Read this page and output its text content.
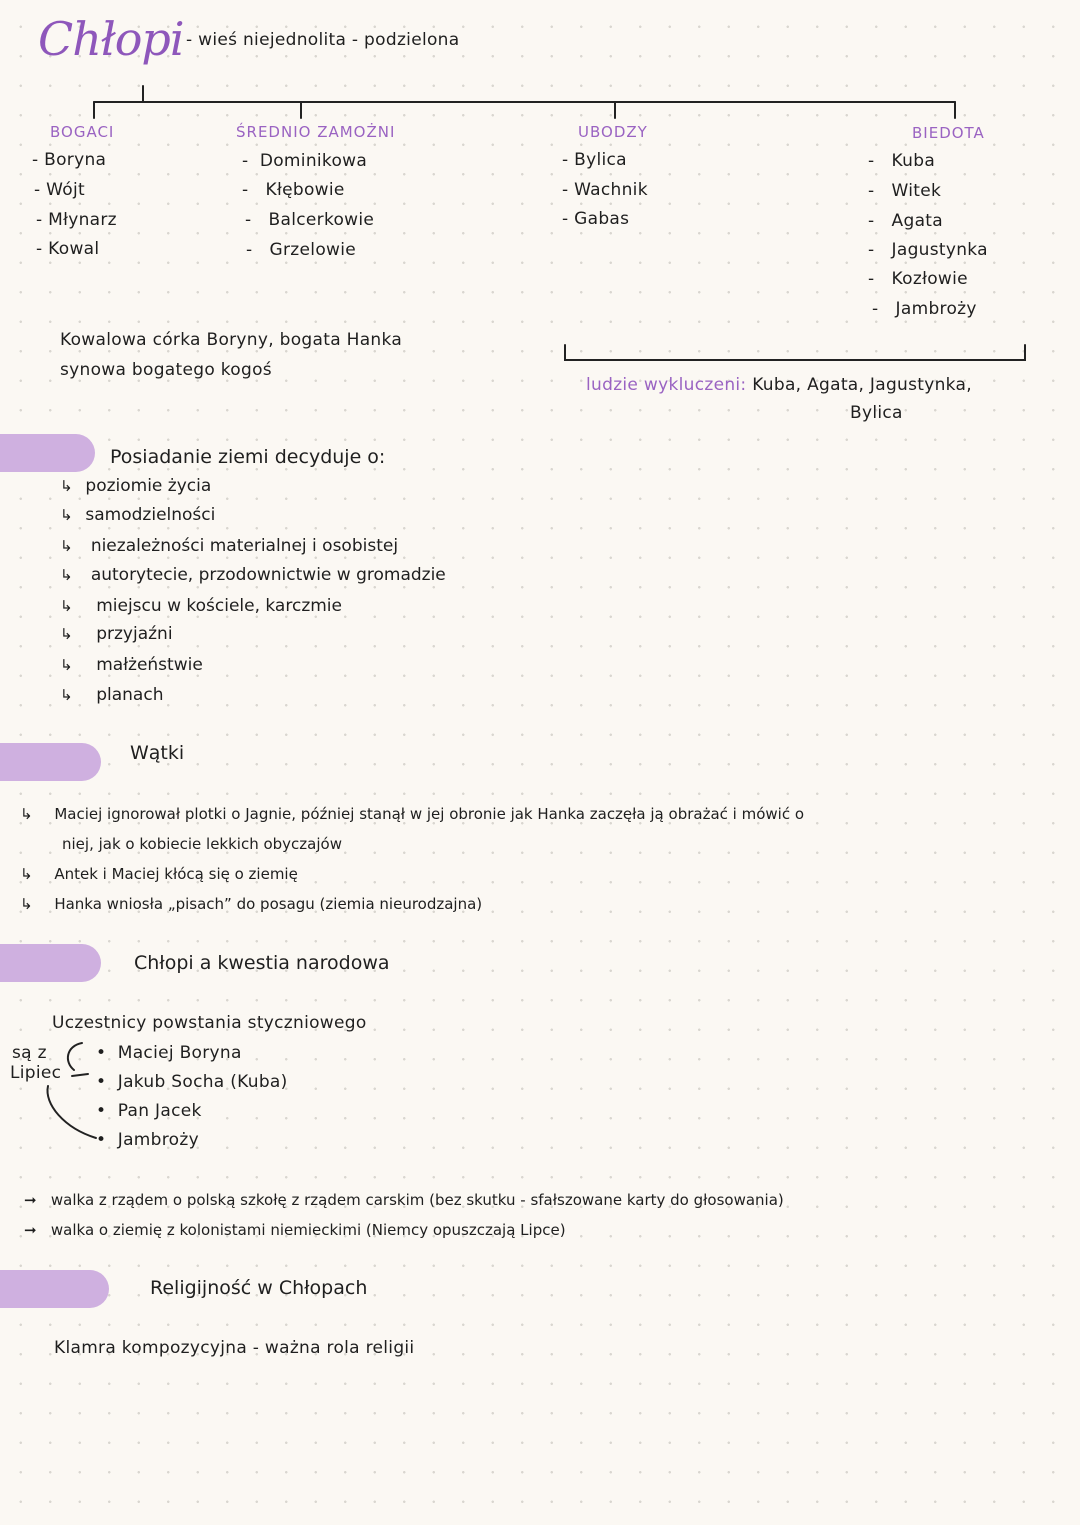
Chłopi - wieś niejednolita - podzielona
BOGACI
- Boryna
- Wójt
- Młynarz
- Kowal
ŚREDNIO ZAMOŻNI
-  Dominikowa
-   Kłębowie
-   Balcerkowie
-   Grzelowie
UBODZY
- Bylica
- Wachnik
- Gabas
BIEDOTA
-   Kuba
-   Witek
-   Agata
-   Jagustynka
-   Kozłowie
-   Jambroży
Kowalowa córka Boryny, bogata Hanka
synowa bogatego kogoś
ludzie wykluczeni: Kuba, Agata, Jagustynka,
Bylica
Posiadanie ziemi decyduje o:
↳ poziomie życia
↳ samodzielności
↳ niezależności materialnej i osobistej
↳ autorytecie, przodownictwie w gromadzie
↳ miejscu w kościele, karczmie
↳ przyjaźni
↳ małżeństwie
↳ planach
Wątki
↳ Maciej ignorował plotki o Jagnie, później stanął w jej obronie jak Hanka zaczęła ją obrażać i mówić o
niej, jak o kobiecie lekkich obyczajów
↳ Antek i Maciej kłócą się o ziemię
↳ Hanka wniosła „pisach” do posagu (ziemia nieurodzajna)
Chłopi a kwestia narodowa
Uczestnicy powstania styczniowego
są z
Lipiec
•  Maciej Boryna
•  Jakub Socha (Kuba)
•  Pan Jacek
•  Jambroży
➞ walka z rządem o polską szkołę z rządem carskim (bez skutku - sfałszowane karty do głosowania)
➞ walka o ziemię z kolonistami niemieckimi (Niemcy opuszczają Lipce)
Religijność w Chłopach
Klamra kompozycyjna - ważna rola religii
